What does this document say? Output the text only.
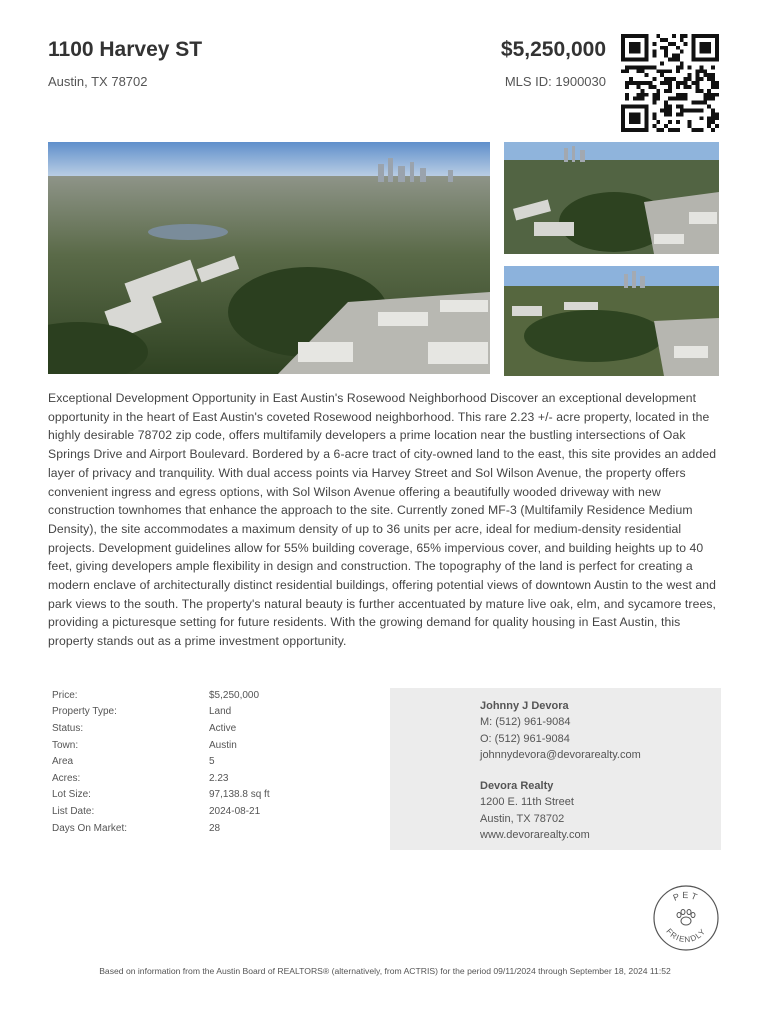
1100 Harvey ST
Austin, TX 78702
$5,250,000
MLS ID: 1900030
Exceptional Development Opportunity in East Austin's Rosewood Neighborhood Discover an exceptional development opportunity in the heart of East Austin's coveted Rosewood neighborhood. This rare 2.23 +/- acre property, located in the highly desirable 78702 zip code, offers multifamily developers a prime location near the bustling intersections of Oak Springs Drive and Airport Boulevard. Bordered by a 6-acre tract of city-owned land to the east, this site provides an added layer of privacy and tranquility. With dual access points via Harvey Street and Sol Wilson Avenue, the property offers convenient ingress and egress options, with Sol Wilson Avenue offering a beautifully wooded driveway with new construction townhomes that enhance the approach to the site. Currently zoned MF-3 (Multifamily Residence Medium Density), the site accommodates a maximum density of up to 36 units per acre, ideal for medium-density residential projects. Development guidelines allow for 55% building coverage, 65% impervious cover, and building heights up to 40 feet, giving developers ample flexibility in design and construction. The topography of the land is perfect for creating a modern enclave of architecturally distinct residential buildings, offering potential views of downtown Austin to the west and park views to the south. The property's natural beauty is further accentuated by mature live oak, elm, and sycamore trees, providing a picturesque setting for future residents. With the growing demand for quality housing in East Austin, this property stands out as a prime investment opportunity.
Price:	$5,250,000
Property Type:	Land
Status:	Active
Town:	Austin
Area	5
Acres:	2.23
Lot Size:	97,138.8 sq ft
List Date:	2024-08-21
Days On Market:	28
Johnny J Devora
M: (512) 961-9084
O: (512) 961-9084
johnnydevora@devorarealty.com
Devora Realty
1200 E. 11th Street
Austin, TX 78702
www.devorarealty.com
PET
FRIENDLY
Based on information from the Austin Board of REALTORS® (alternatively, from ACTRIS) for the period 09/11/2024 through September 18, 2024 11:52
